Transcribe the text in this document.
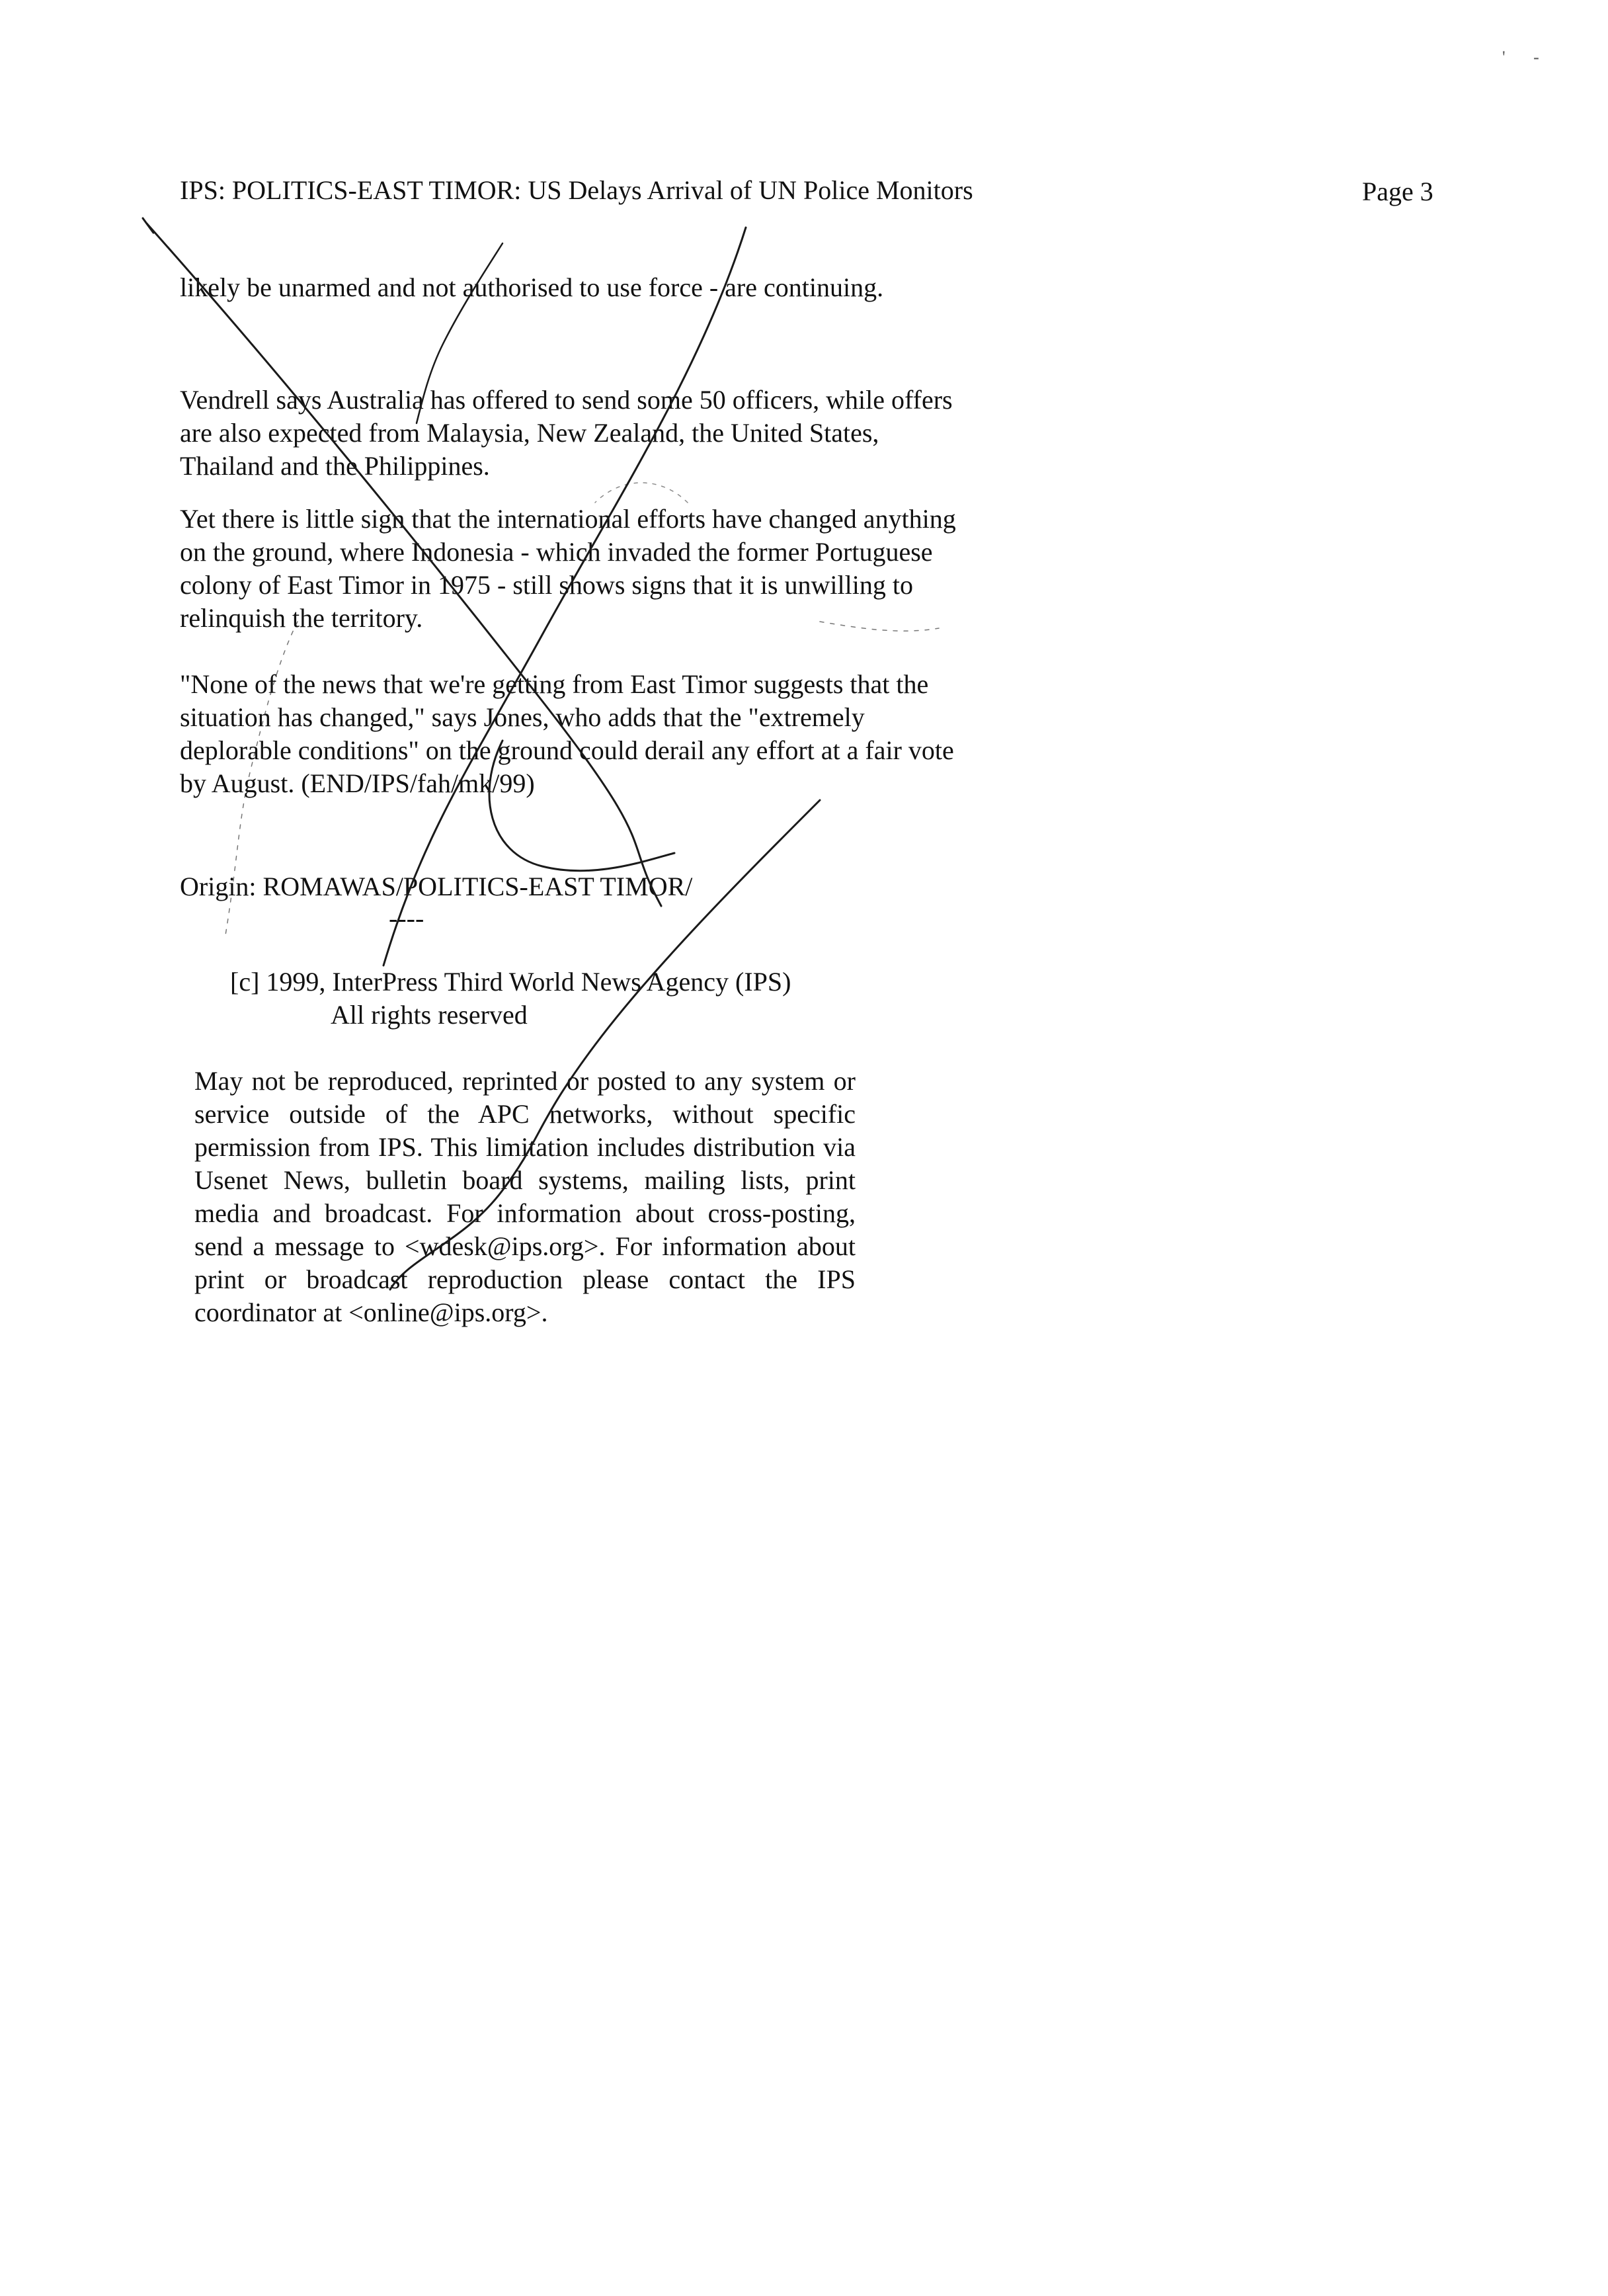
' -
IPS: POLITICS-EAST TIMOR: US Delays Arrival of UN Police Monitors	Page 3

likely be unarmed and not authorised to use force - are continuing.

Vendrell says Australia has offered to send some 50 officers, while offers are also expected from Malaysia, New Zealand, the United States, Thailand and the Philippines.

Yet there is little sign that the international efforts have changed anything on the ground, where Indonesia - which invaded the former Portuguese colony of East Timor in 1975 - still shows signs that it is unwilling to relinquish the territory.

"None of the news that we're getting from East Timor suggests that the situation has changed," says Jones, who adds that the "extremely deplorable conditions" on the ground could derail any effort at a fair vote by August. (END/IPS/fah/mk/99)

Origin: ROMAWAS/POLITICS-EAST TIMOR/
----
[c] 1999, InterPress Third World News Agency (IPS)
All rights reserved

May not be reproduced, reprinted or posted to any system or service outside of the APC networks, without specific permission from IPS. This limitation includes distribution via Usenet News, bulletin board systems, mailing lists, print media and broadcast. For information about cross-posting, send a message to <wdesk@ips.org>. For information about print or broadcast reproduction please contact the IPS coordinator at <online@ips.org>.
